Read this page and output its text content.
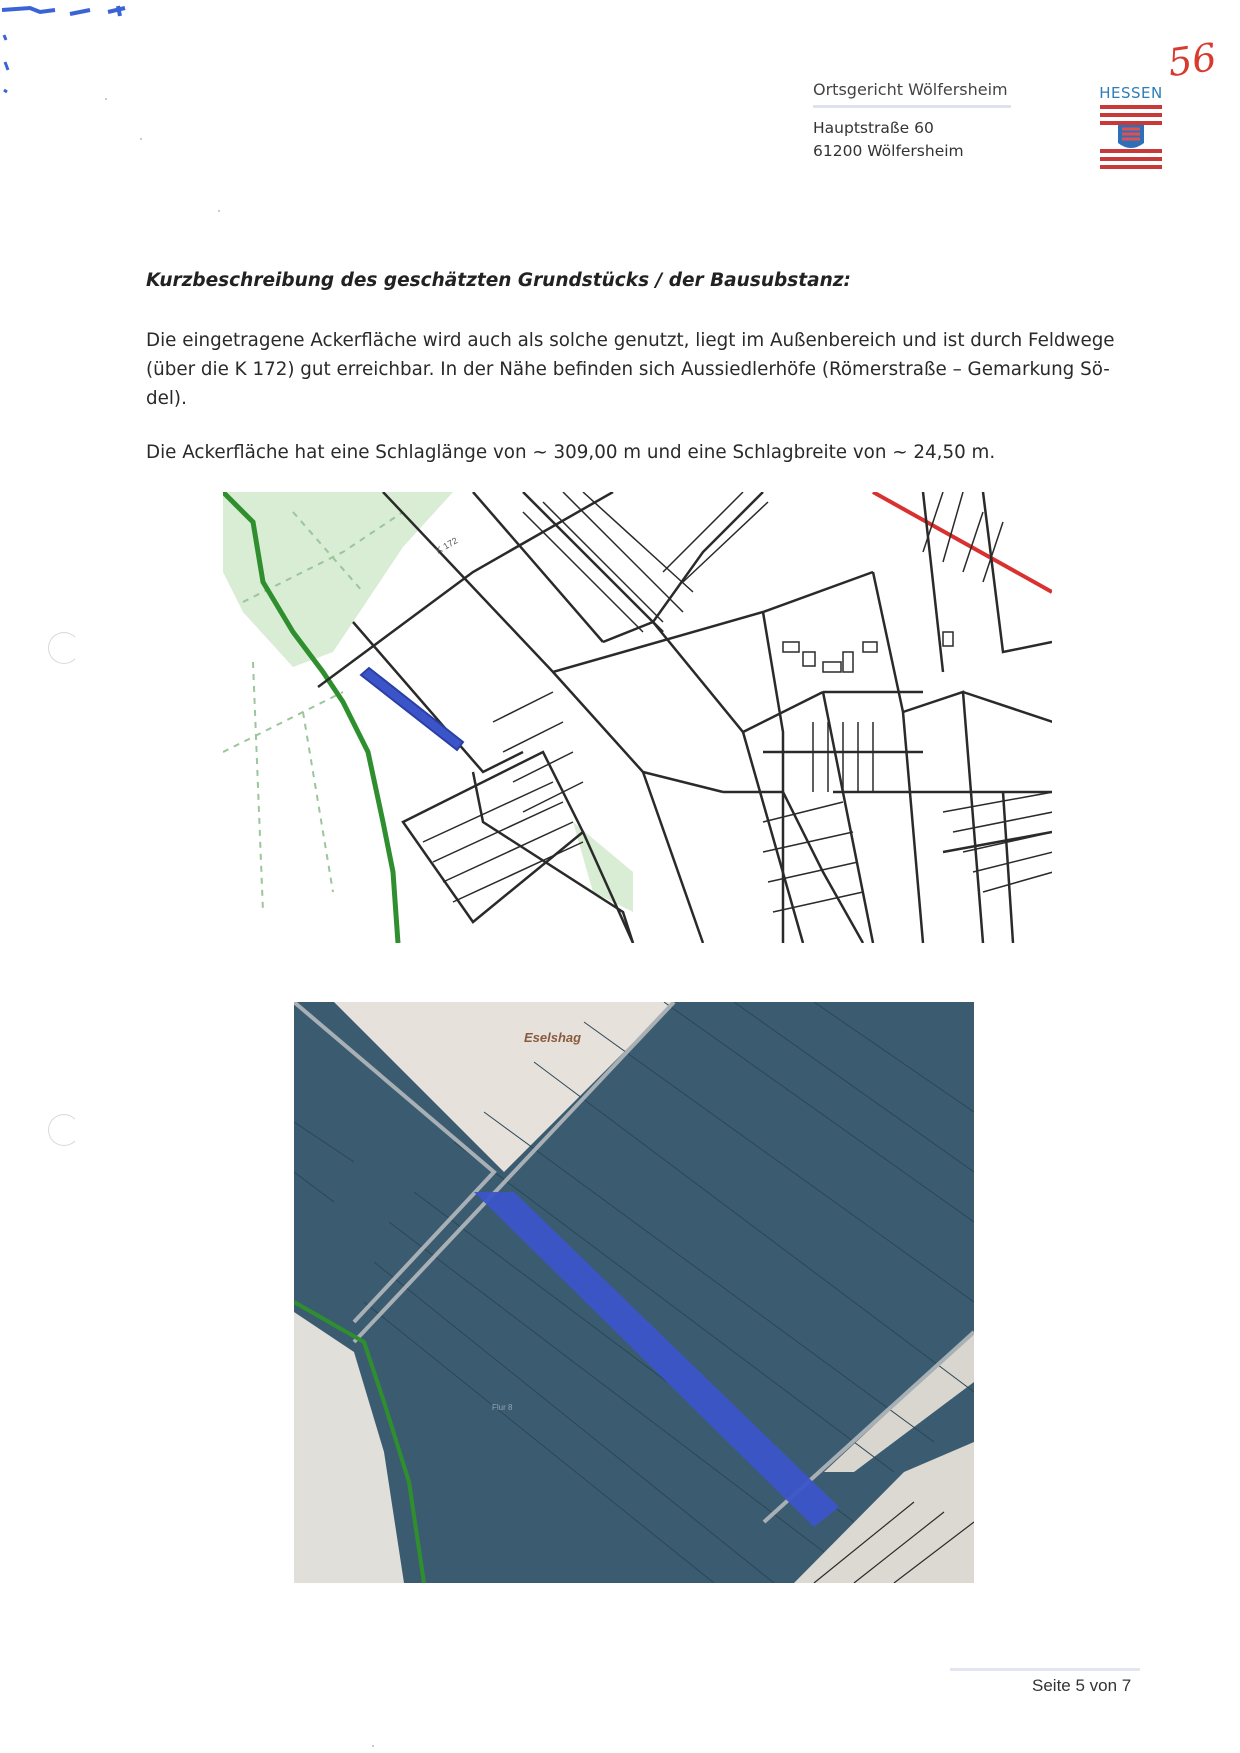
56
Ortsgericht Wölfersheim
Hauptstraße 60
61200 Wölfersheim
HESSEN
Kurzbeschreibung des geschätzten Grundstücks / der Bausubstanz:

Die eingetragene Ackerfläche wird auch als solche genutzt, liegt im Außenbereich und ist durch Feldwege (über die K 172) gut erreichbar. In der Nähe befinden sich Aussiedlerhöfe (Römerstraße – Gemarkung Sö-del).

Die Ackerfläche hat eine Schlaglänge von ~ 309,00 m und eine Schlagbreite von ~ 24,50 m.

K 172
Eselshag
Flur 8
Seite 5 von 7
